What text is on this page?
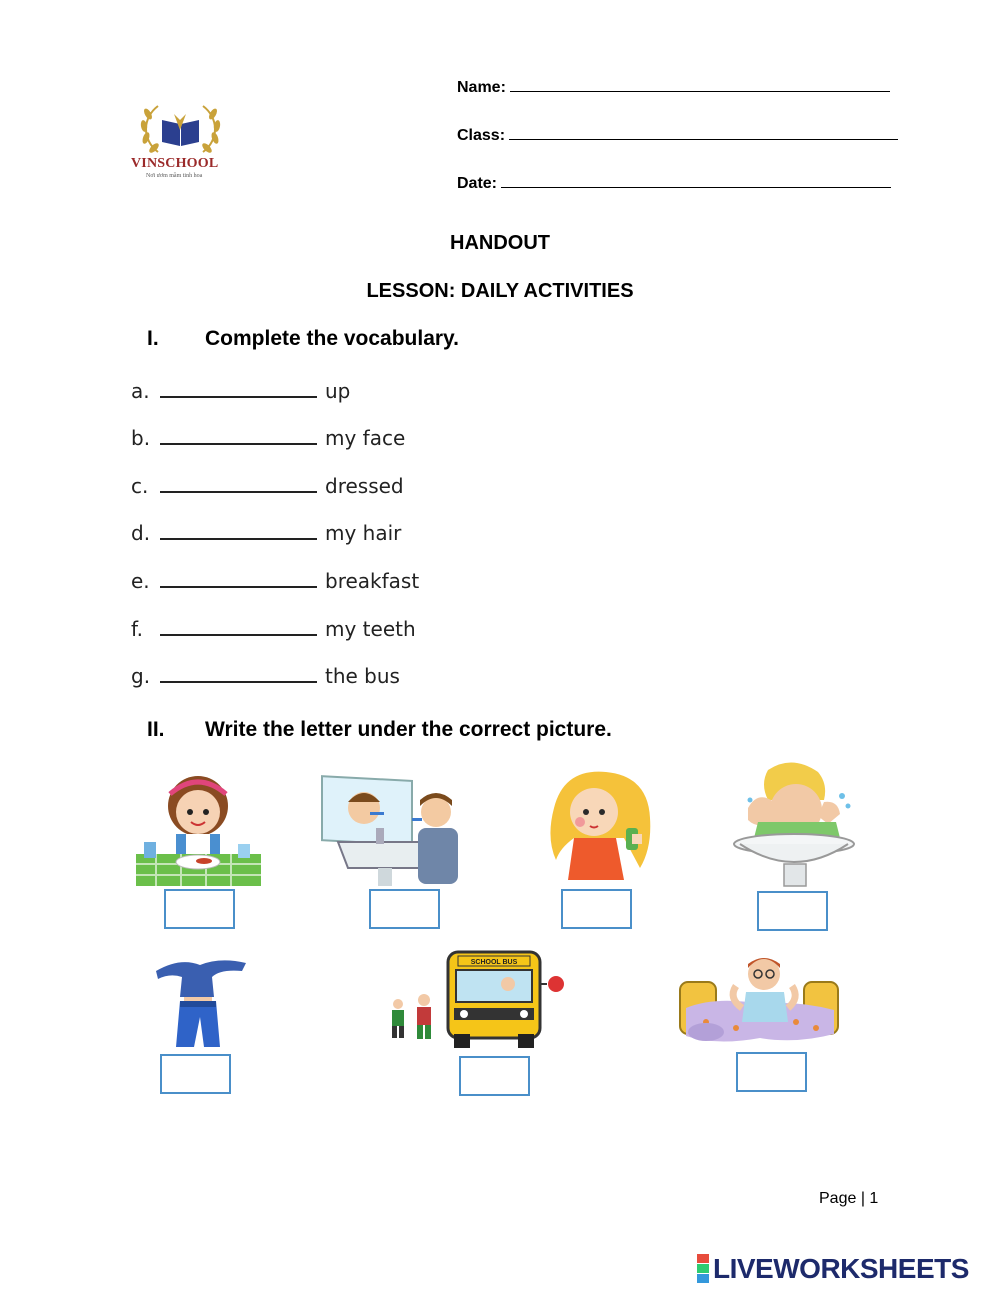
VINSCHOOL
Nơi ươm mầm tinh hoa
Name:
Class:
Date:
HANDOUT
LESSON: DAILY ACTIVITIES
I. Complete the vocabulary.
a.	up
b.	my face
c.	dressed
d.	my hair
e.	breakfast
f.	my teeth
g.	the bus
II. Write the letter under the correct picture.
SCHOOL BUS
Page | 1
LIVEWORKSHEETS
